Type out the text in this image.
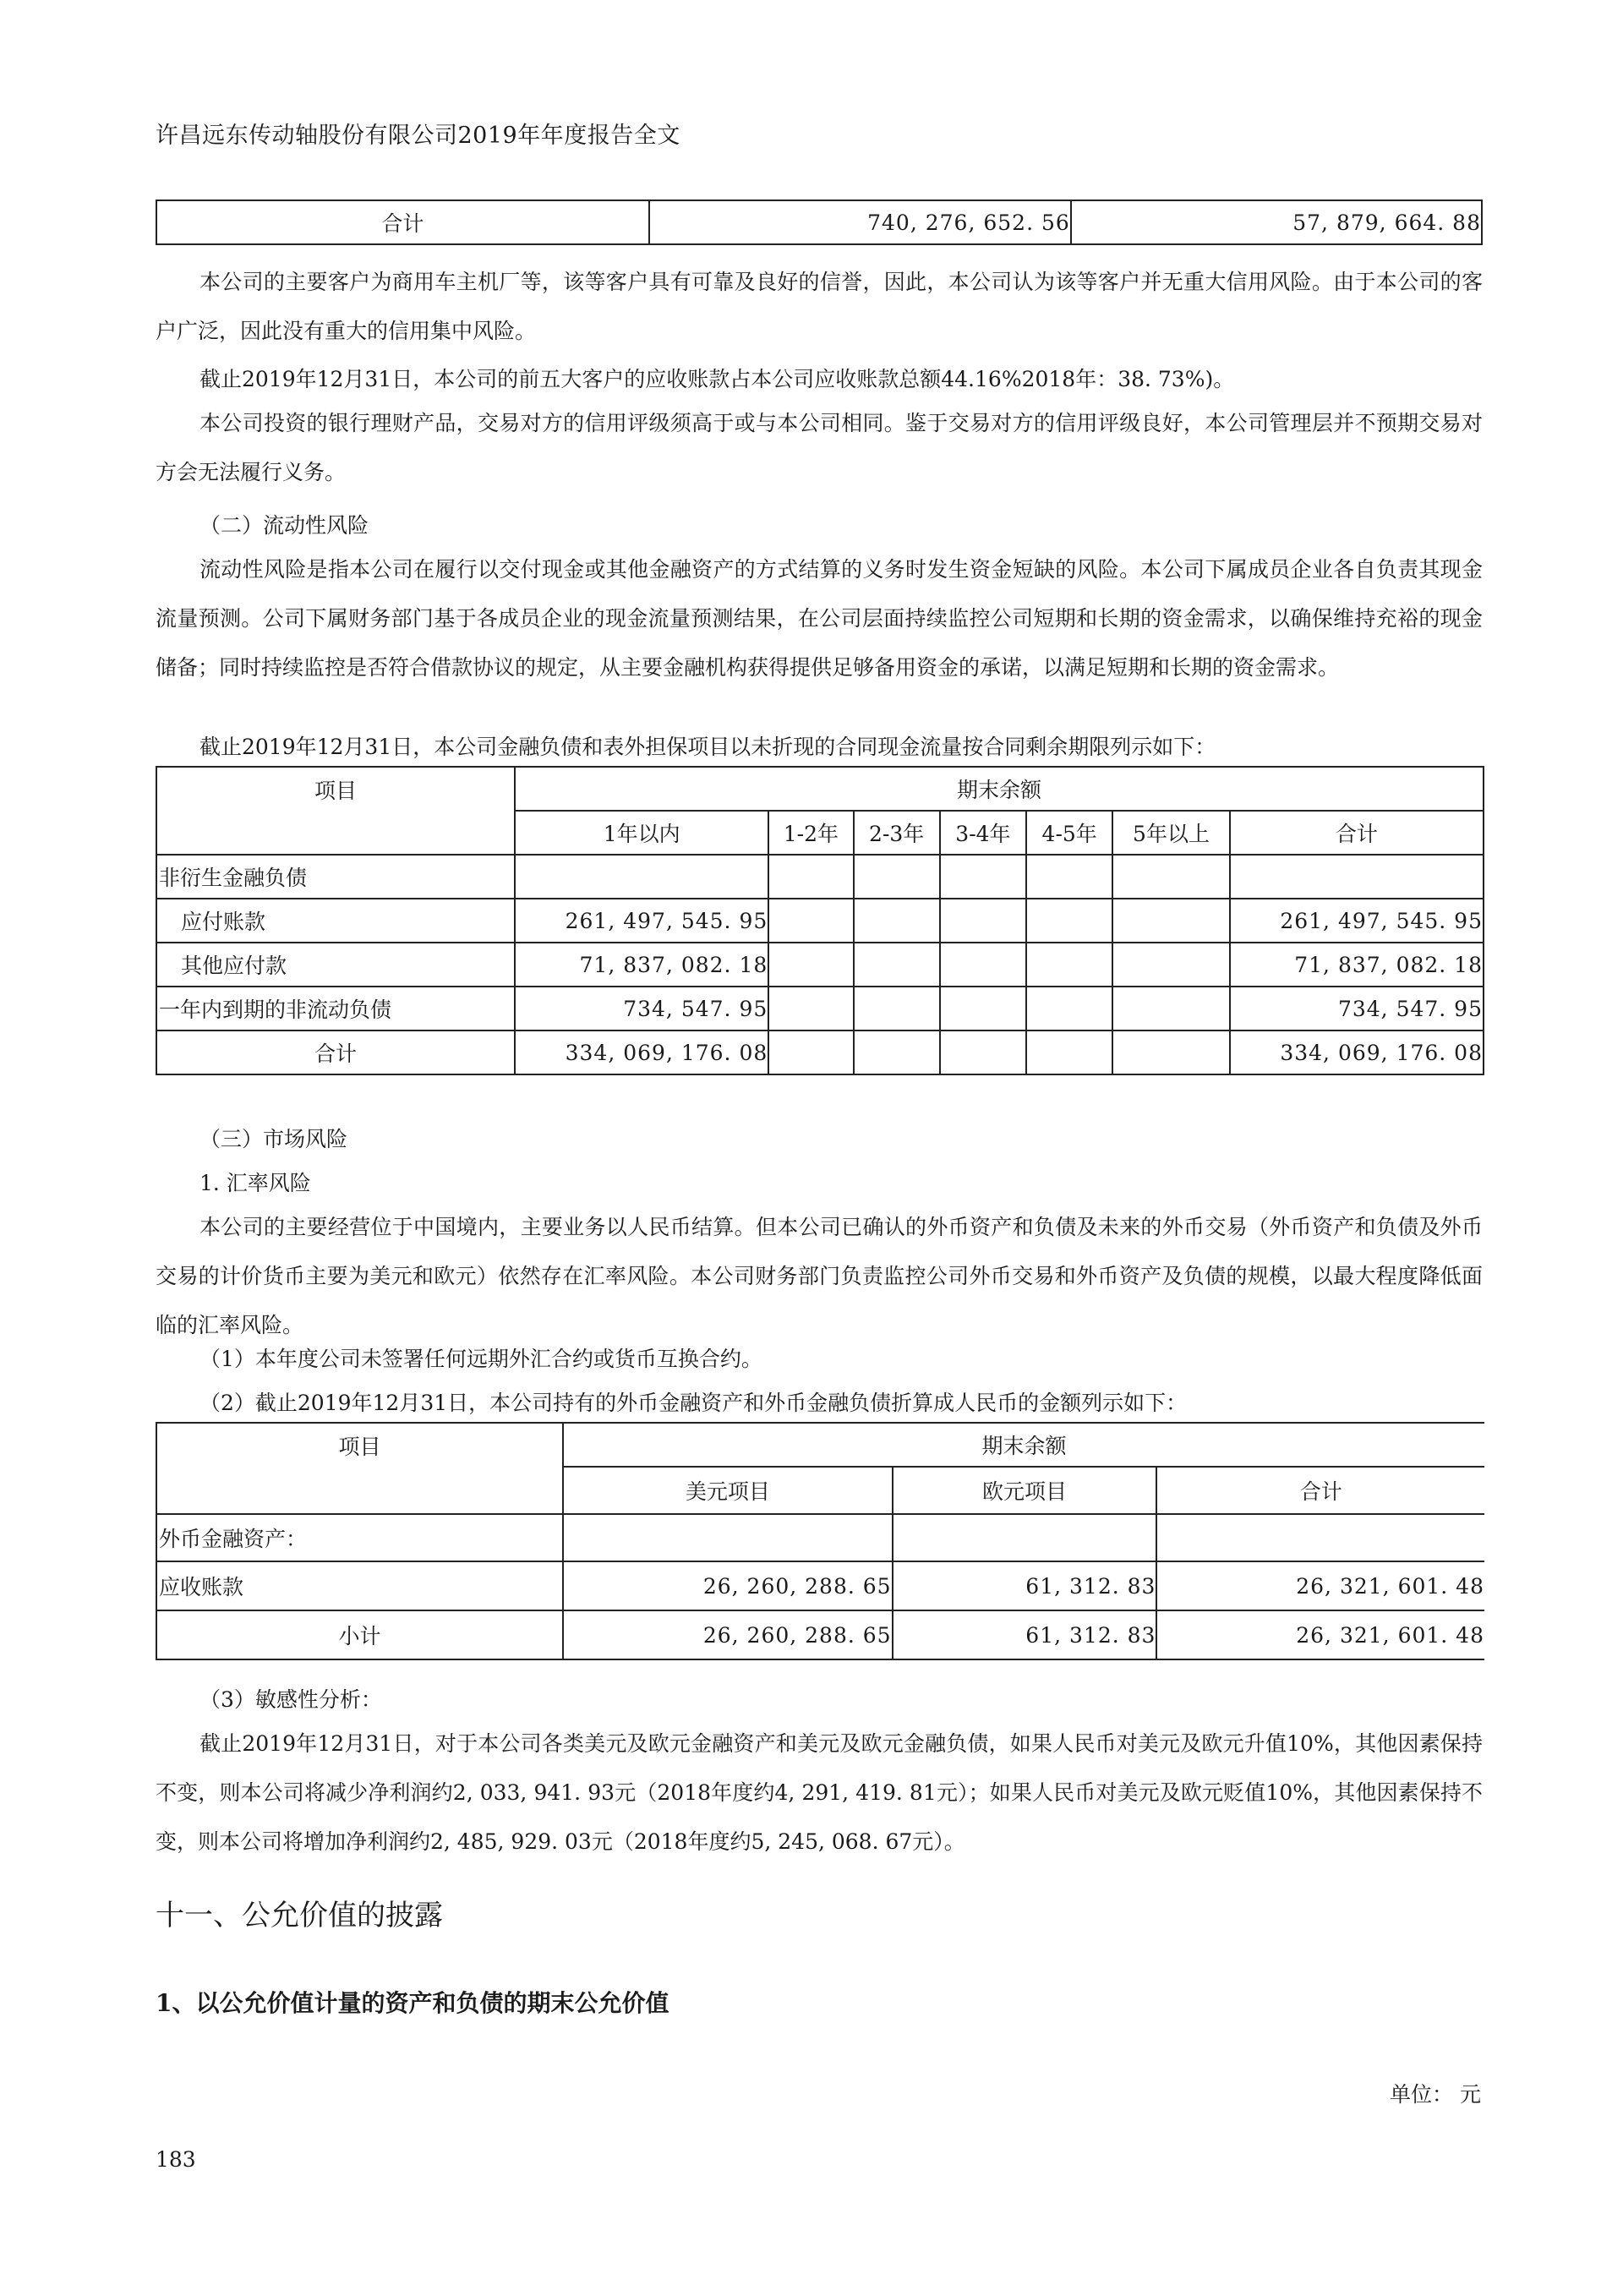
许昌远东传动轴股份有限公司2019年年度报告全文
合计	740, 276, 652. 56	57, 879, 664. 88
本公司的主要客户为商用车主机厂等，该等客户具有可靠及良好的信誉，因此，本公司认为该等客户并无重大信用风险。由于本公司的客户广泛，因此没有重大的信用集中风险。
截止2019年12月31日，本公司的前五大客户的应收账款占本公司应收账款总额44.16%2018年：38. 73%)。
本公司投资的银行理财产品，交易对方的信用评级须高于或与本公司相同。鉴于交易对方的信用评级良好，本公司管理层并不预期交易对方会无法履行义务。
（二）流动性风险
流动性风险是指本公司在履行以交付现金或其他金融资产的方式结算的义务时发生资金短缺的风险。本公司下属成员企业各自负责其现金流量预测。公司下属财务部门基于各成员企业的现金流量预测结果，在公司层面持续监控公司短期和长期的资金需求，以确保维持充裕的现金储备；同时持续监控是否符合借款协议的规定，从主要金融机构获得提供足够备用资金的承诺，以满足短期和长期的资金需求。
截止2019年12月31日，本公司金融负债和表外担保项目以未折现的合同现金流量按合同剩余期限列示如下：
项目	期末余额						
	1年以内	1-2年	2-3年	3-4年	4-5年	5年以上	合计
非衍生金融负债							
应付账款	261, 497, 545. 95						261, 497, 545. 95
其他应付款	71, 837, 082. 18						71, 837, 082. 18
一年内到期的非流动负债	734, 547. 95						734, 547. 95
合计	334, 069, 176. 08						334, 069, 176. 08
（三）市场风险
1. 汇率风险
本公司的主要经营位于中国境内，主要业务以人民币结算。但本公司已确认的外币资产和负债及未来的外币交易（外币资产和负债及外币交易的计价货币主要为美元和欧元）依然存在汇率风险。本公司财务部门负责监控公司外币交易和外币资产及负债的规模，以最大程度降低面临的汇率风险。
（1）本年度公司未签署任何远期外汇合约或货币互换合约。
（2）截止2019年12月31日，本公司持有的外币金融资产和外币金融负债折算成人民币的金额列示如下：
项目	期末余额		
	美元项目	欧元项目	合计
外币金融资产：			
应收账款	26, 260, 288. 65	61, 312. 83	26, 321, 601. 48
小计	26, 260, 288. 65	61, 312. 83	26, 321, 601. 48
（3）敏感性分析：
截止2019年12月31日，对于本公司各类美元及欧元金融资产和美元及欧元金融负债，如果人民币对美元及欧元升值10%，其他因素保持不变，则本公司将减少净利润约2, 033, 941. 93元（2018年度约4, 291, 419. 81元）；如果人民币对美元及欧元贬值10%，其他因素保持不变，则本公司将增加净利润约2, 485, 929. 03元（2018年度约5, 245, 068. 67元）。
十一、公允价值的披露
1、以公允价值计量的资产和负债的期末公允价值
单位： 元
183
